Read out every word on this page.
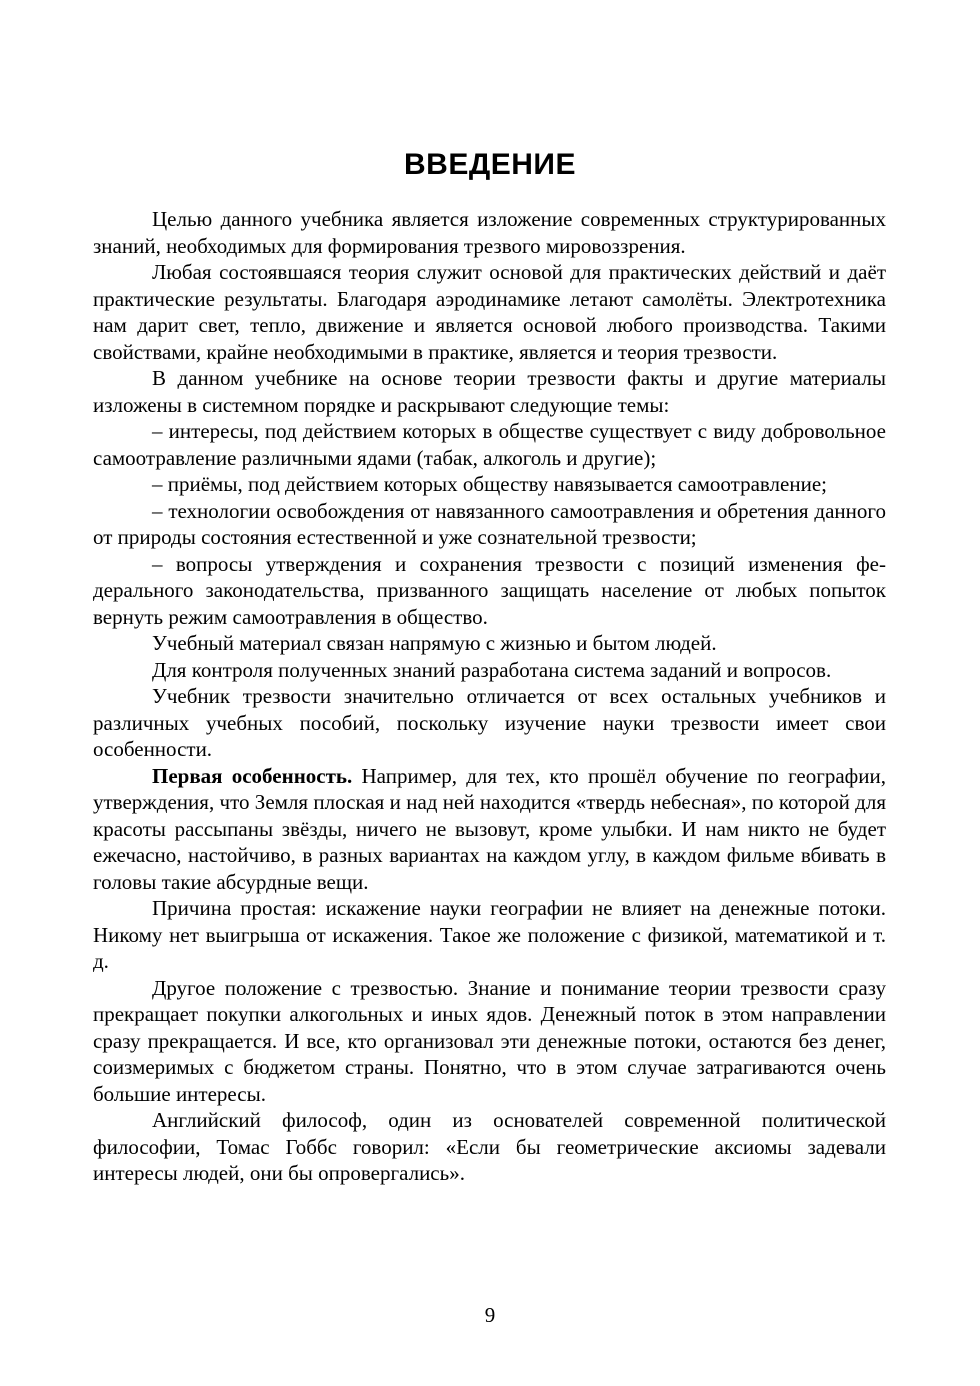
ВВЕДЕНИЕ

Целью данного учебника является изложение современных структурированных знаний, необходимых для формирования трезвого мировоззрения.

Любая состоявшаяся теория служит основой для практических действий и даёт практические результаты. Благодаря аэродинамике летают самолёты. Электротехника нам дарит свет, тепло, движение и является основой любого производства. Такими свойствами, крайне необходимыми в практике, является и теория трезвости.

В данном учебнике на основе теории трезвости факты и другие материалы изложены в системном порядке и раскрывают следующие темы:

– интересы, под действием которых в обществе существует с виду добровольное самоотравление различными ядами (табак, алкоголь и другие);

– приёмы, под действием которых обществу навязывается самоотравление;

– технологии освобождения от навязанного самоотравления и обретения данного от природы состояния естественной и уже сознательной трезвости;

– вопросы утверждения и сохранения трезвости с позиций изменения федерального законодательства, призванного защищать население от любых попыток вернуть режим самоотравления в общество.

Учебный материал связан напрямую с жизнью и бытом людей.

Для контроля полученных знаний разработана система заданий и вопросов.

Учебник трезвости значительно отличается от всех остальных учебников и различных учебных пособий, поскольку изучение науки трезвости имеет свои особенности.

Первая особенность. Например, для тех, кто прошёл обучение по географии, утверждения, что Земля плоская и над ней находится «твердь небесная», по которой для красоты рассыпаны звёзды, ничего не вызовут, кроме улыбки. И нам никто не будет ежечасно, настойчиво, в разных вариантах на каждом углу, в каждом фильме вбивать в головы такие абсурдные вещи.

Причина простая: искажение науки географии не влияет на денежные потоки. Никому нет выигрыша от искажения. Такое же положение с физикой, математикой и т. д.

Другое положение с трезвостью. Знание и понимание теории трезвости сразу прекращает покупки алкогольных и иных ядов. Денежный поток в этом направлении сразу прекращается. И все, кто организовал эти денежные потоки, остаются без денег, соизмеримых с бюджетом страны. Понятно, что в этом случае затрагиваются очень большие интересы.

Английский философ, один из основателей современной политической философии, Томас Гоббс говорил: «Если бы геометрические аксиомы задевали интересы людей, они бы опровергались».

9
